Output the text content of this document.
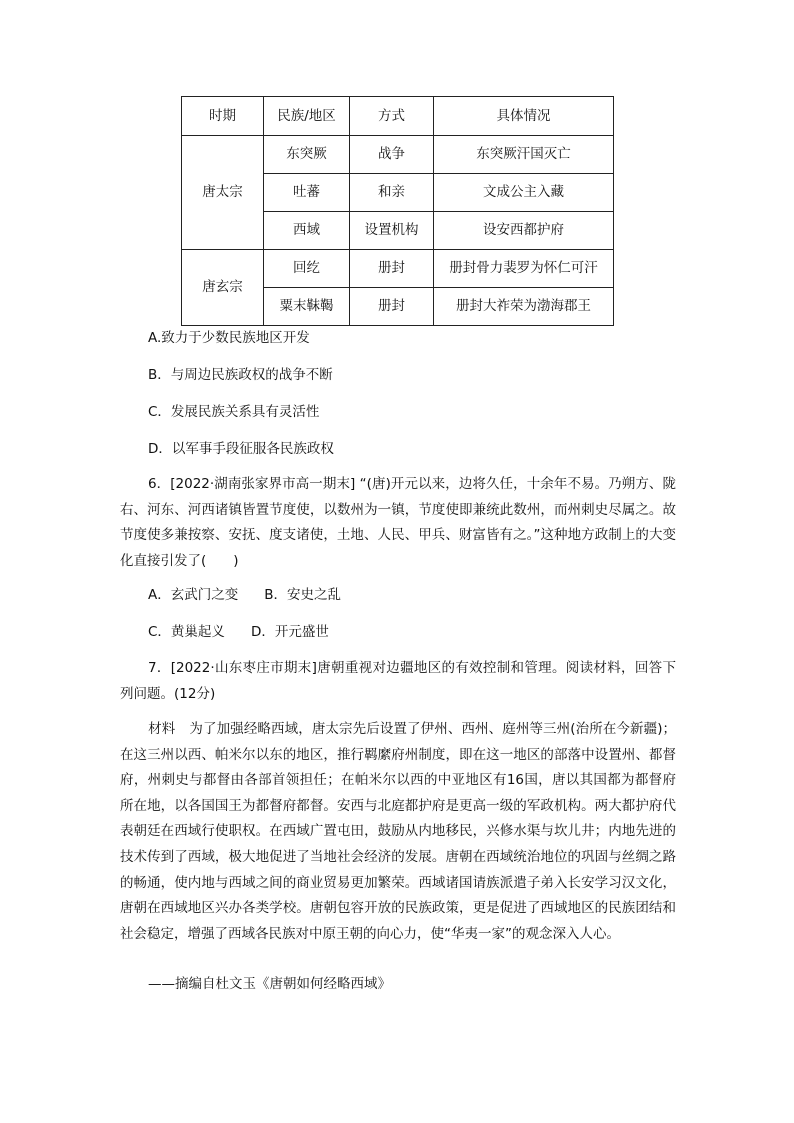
时期	民族/地区	方式	具体情况
唐太宗	东突厥	战争	东突厥汗国灭亡
	吐蕃	和亲	文成公主入藏
	西域	设置机构	设安西都护府
唐玄宗	回纥	册封	册封骨力裴罗为怀仁可汗
	粟末靺鞨	册封	册封大祚荣为渤海郡王
A.致力于少数民族地区开发
B．与周边民族政权的战争不断
C．发展民族关系具有灵活性
D．以军事手段征服各民族政权
6．[2022·湖南张家界市高一期末] “(唐)开元以来，边将久任，十余年不易。乃朔方、陇右、河东、河西诸镇皆置节度使，以数州为一镇，节度使即兼统此数州，而州刺史尽属之。故节度使多兼按察、安抚、度支诸使，土地、人民、甲兵、财富皆有之。”这种地方政制上的大变化直接引发了(　　)
A．玄武门之变 B．安史之乱
C．黄巢起义 D．开元盛世
7．[2022·山东枣庄市期末]唐朝重视对边疆地区的有效控制和管理。阅读材料，回答下列问题。(12分)
材料 为了加强经略西域，唐太宗先后设置了伊州、西州、庭州等三州(治所在今新疆)；在这三州以西、帕米尔以东的地区，推行羁縻府州制度，即在这一地区的部落中设置州、都督府，州刺史与都督由各部首领担任；在帕米尔以西的中亚地区有16国，唐以其国都为都督府所在地，以各国国王为都督府都督。安西与北庭都护府是更高一级的军政机构。两大都护府代表朝廷在西域行使职权。在西域广置屯田，鼓励从内地移民，兴修水渠与坎儿井；内地先进的技术传到了西域，极大地促进了当地社会经济的发展。唐朝在西域统治地位的巩固与丝绸之路的畅通，使内地与西域之间的商业贸易更加繁荣。西域诸国请族派遣子弟入长安学习汉文化，唐朝在西域地区兴办各类学校。唐朝包容开放的民族政策，更是促进了西域地区的民族团结和社会稳定，增强了西域各民族对中原王朝的向心力，使“华夷一家”的观念深入人心。
——摘编自杜文玉《唐朝如何经略西域》
